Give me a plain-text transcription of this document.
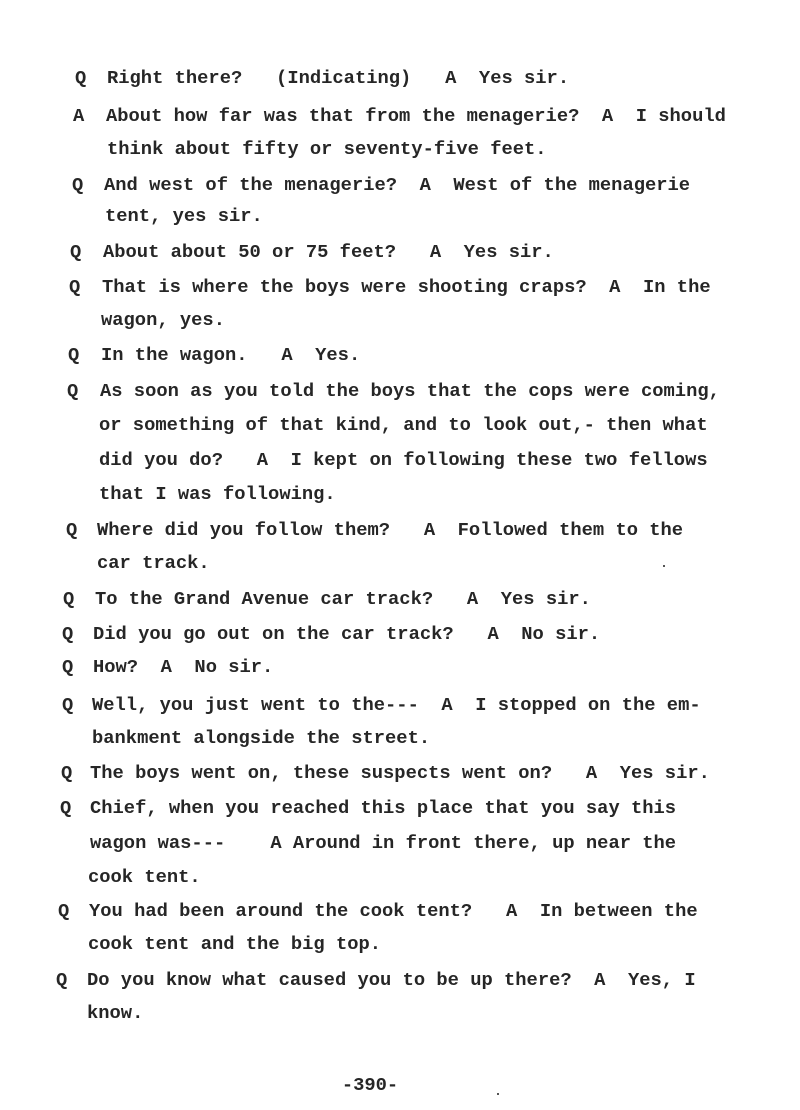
-390-
Q Right there?   (Indicating)   A  Yes sir.
A About how far was that from the menagerie?  A  I should
think about fifty or seventy-five feet.
Q And west of the menagerie?  A  West of the menagerie
tent, yes sir.
Q About about 50 or 75 feet?   A  Yes sir.
Q That is where the boys were shooting craps?  A  In the
wagon, yes.
Q In the wagon.   A  Yes.
Q As soon as you told the boys that the cops were coming,
or something of that kind, and to look out,- then what
did you do?   A  I kept on following these two fellows
that I was following.
Q Where did you follow them?   A  Followed them to the
car track.
Q To the Grand Avenue car track?   A  Yes sir.
Q Did you go out on the car track?   A  No sir.
Q How?  A  No sir.
Q Well, you just went to the---  A  I stopped on the em-
bankment alongside the street.
Q The boys went on, these suspects went on?   A  Yes sir.
Q Chief, when you reached this place that you say this
wagon was---    A Around in front there, up near the
cook tent.
Q You had been around the cook tent?   A  In between the
cook tent and the big top.
Q Do you know what caused you to be up there?  A  Yes, I
know.
